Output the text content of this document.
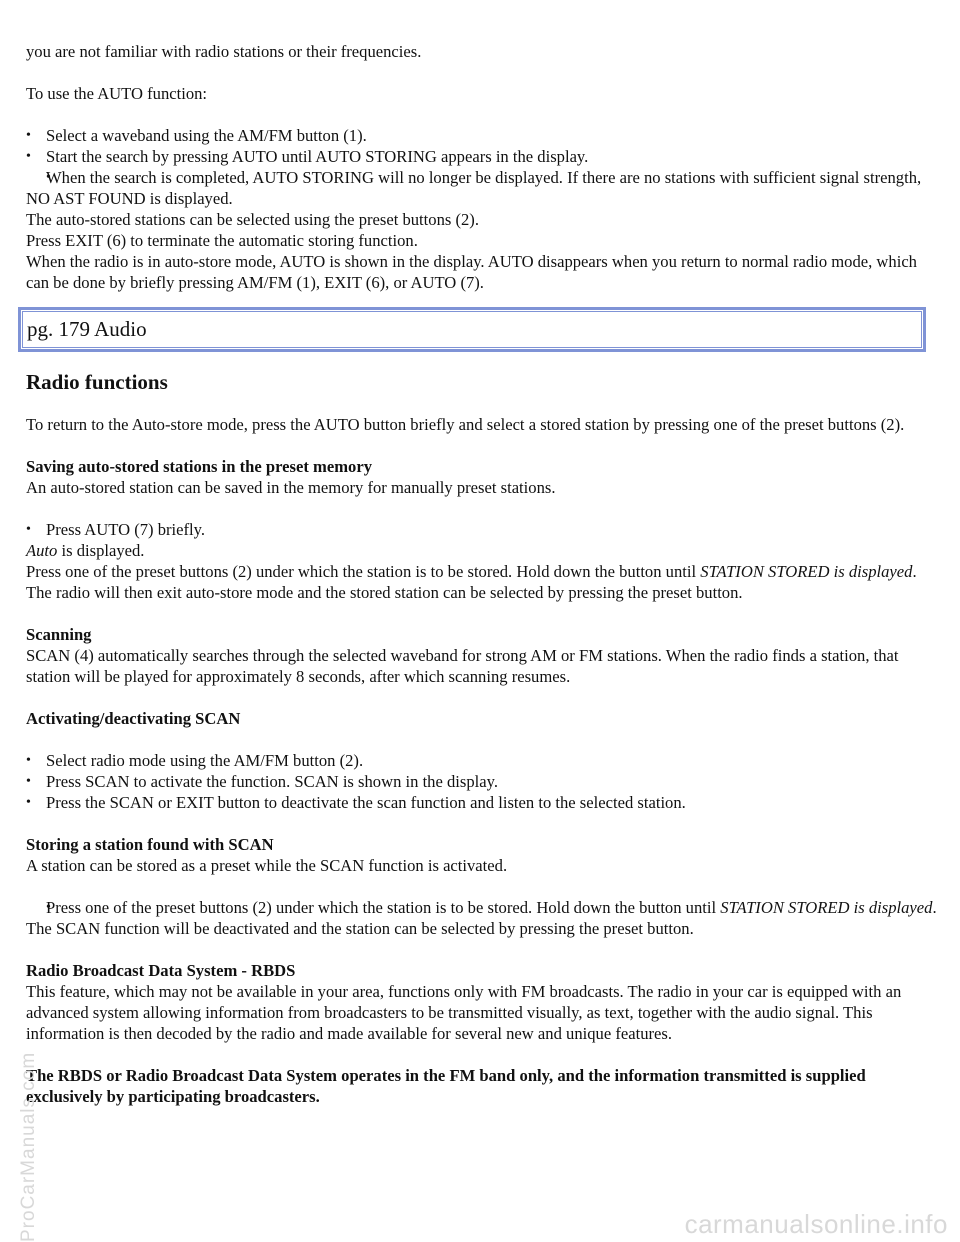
you are not familiar with radio stations or their frequencies.

To use the AUTO function:

• Select a waveband using the AM/FM button (1).

• Start the search by pressing AUTO until AUTO STORING appears in the display.

• When the search is completed, AUTO STORING will no longer be displayed. If there are no stations with sufficient signal strength, NO AST FOUND is displayed.

The auto-stored stations can be selected using the preset buttons (2).

Press EXIT (6) to terminate the automatic storing function.

When the radio is in auto-store mode, AUTO is shown in the display. AUTO disappears when you return to normal radio mode, which can be done by briefly pressing AM/FM (1), EXIT (6), or AUTO (7).

pg. 179 Audio
Radio functions

To return to the Auto-store mode, press the AUTO button briefly and select a stored station by pressing one of the preset buttons (2).

Saving auto-stored stations in the preset memory

An auto-stored station can be saved in the memory for manually preset stations.

• Press AUTO (7) briefly.

Auto is displayed.

Press one of the preset buttons (2) under which the station is to be stored. Hold down the button until STATION STORED is displayed.

The radio will then exit auto-store mode and the stored station can be selected by pressing the preset button.

Scanning

SCAN (4) automatically searches through the selected waveband for strong AM or FM stations. When the radio finds a station, that station will be played for approximately 8 seconds, after which scanning resumes.

Activating/deactivating SCAN

• Select radio mode using the AM/FM button (2).

• Press SCAN to activate the function. SCAN is shown in the display.

• Press the SCAN or EXIT button to deactivate the scan function and listen to the selected station.

Storing a station found with SCAN

A station can be stored as a preset while the SCAN function is activated.

• Press one of the preset buttons (2) under which the station is to be stored. Hold down the button until STATION STORED is displayed.

The SCAN function will be deactivated and the station can be selected by pressing the preset button.

Radio Broadcast Data System - RBDS

This feature, which may not be available in your area, functions only with FM broadcasts. The radio in your car is equipped with an advanced system allowing information from broadcasters to be transmitted visually, as text, together with the audio signal. This information is then decoded by the radio and made available for several new and unique features.

The RBDS or Radio Broadcast Data System operates in the FM band only, and the information transmitted is supplied exclusively by participating broadcasters.

ProCarManuals.com	carmanualsonline.info
